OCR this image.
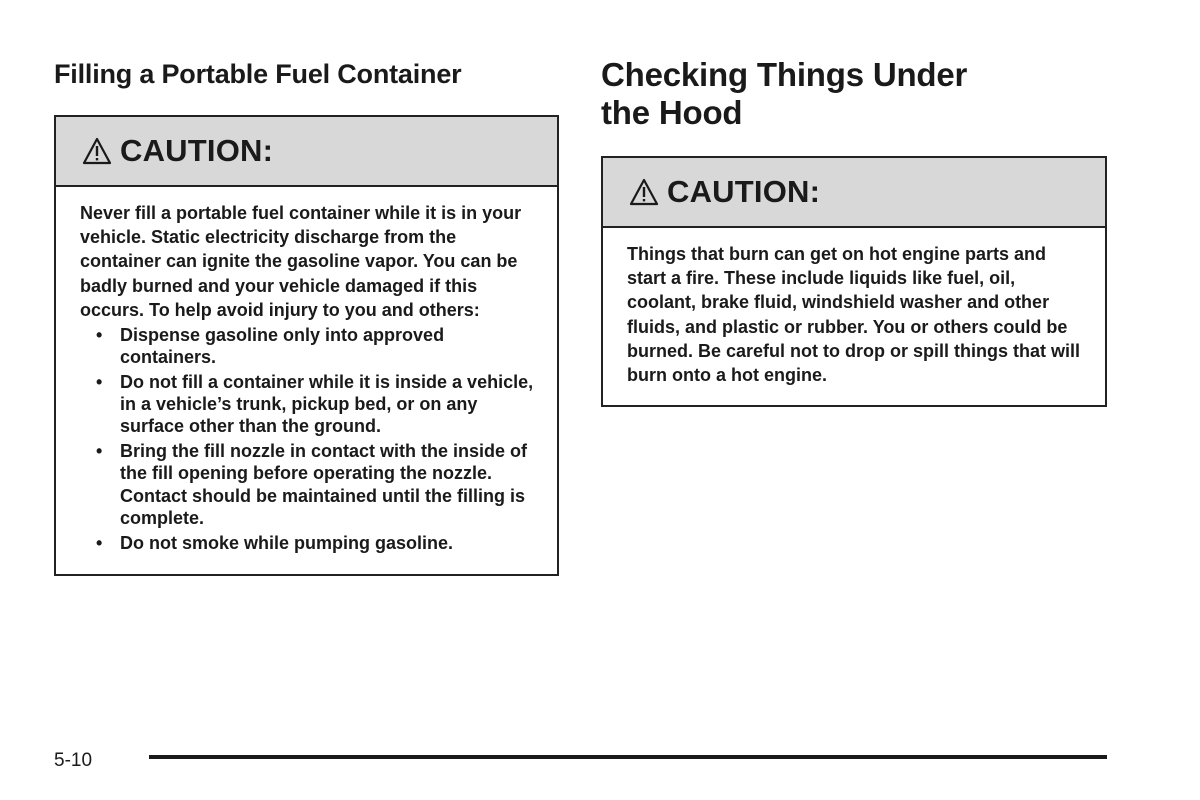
Filling a Portable Fuel Container
CAUTION:

Never fill a portable fuel container while it is in your vehicle. Static electricity discharge from the container can ignite the gasoline vapor. You can be badly burned and your vehicle damaged if this occurs. To help avoid injury to you and others:

• Dispense gasoline only into approved containers.
• Do not fill a container while it is inside a vehicle, in a vehicle’s trunk, pickup bed, or on any surface other than the ground.
• Bring the fill nozzle in contact with the inside of the fill opening before operating the nozzle. Contact should be maintained until the filling is complete.
• Do not smoke while pumping gasoline.
Checking Things Under
the Hood
CAUTION:

Things that burn can get on hot engine parts and start a fire. These include liquids like fuel, oil, coolant, brake fluid, windshield washer and other fluids, and plastic or rubber. You or others could be burned. Be careful not to drop or spill things that will burn onto a hot engine.

5-10
